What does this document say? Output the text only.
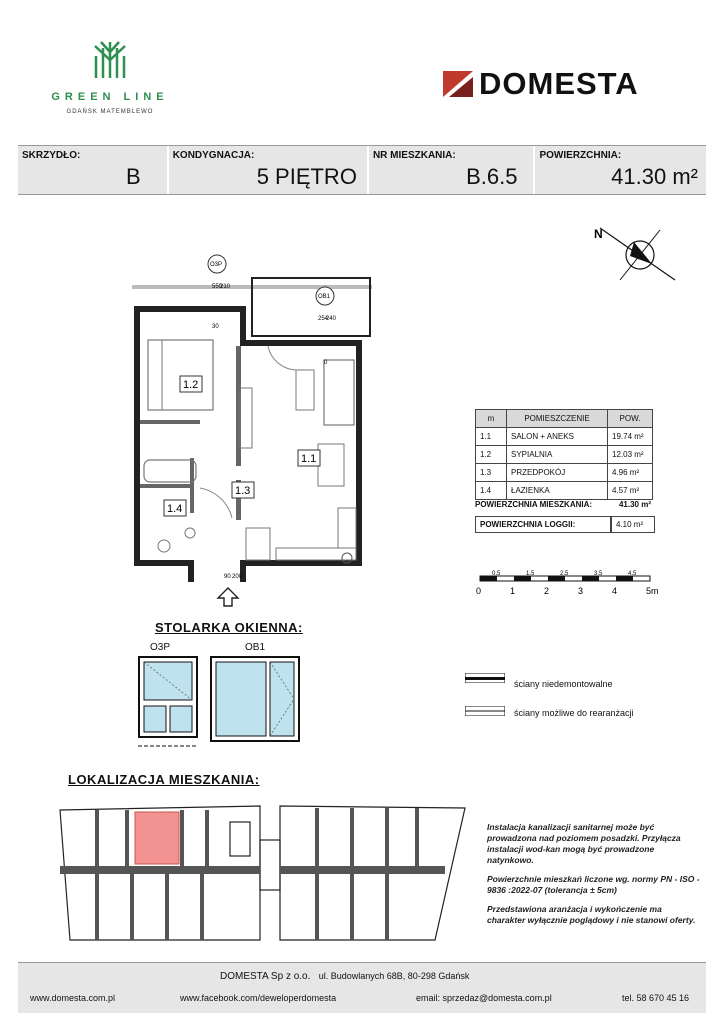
GREEN LINE
GDAŃSK MATEMBLEWO
DOMESTA
SKRZYDŁO:
B
KONDYGNACJA:
5 PIĘTRO
NR MIESZKANIA:
B.6.5
POWIERZCHNIA:
41.30 m²
N
1.2
1.1
1.3
1.4
O3P
OB1
550
210
30
254
240
0
90 200
m	POMIESZCZENIE	POW.
1.1	SALON + ANEKS	19.74 m²
1.2	SYPIALNIA	12.03 m²
1.3	PRZEDPOKÓJ	4.96 m²
1.4	ŁAZIENKA	4.57 m²
POWIERZCHNIA MIESZKANIA:	41.30 m²
POWIERZCHNIA LOGGII:	4.10 m²
0.5	1.5	2.5	3.5	4.5
0	1	2	3	4	5m
STOLARKA OKIENNA:
O3P	OB1
ściany niedemontowalne
ściany możliwe do rearanżacji
LOKALIZACJA MIESZKANIA:

Instalacja kanalizacji sanitarnej może być prowadzona nad poziomem posadzki. Przyłącza instalacji wod-kan mogą być prowadzone natynkowo.

Powierzchnie mieszkań liczone wg. normy PN - ISO - 9836 :2022-07 (tolerancja ± 5cm)

Przedstawiona aranżacja i wykończenie ma charakter wyłącznie poglądowy i nie stanowi oferty.

DOMESTA Sp z o.o. ul. Budowlanych 68B, 80-298 Gdańsk
www.domesta.com.pl	www.facebook.com/deweloperdomesta	email: sprzedaz@domesta.com.pl	tel. 58 670 45 16
